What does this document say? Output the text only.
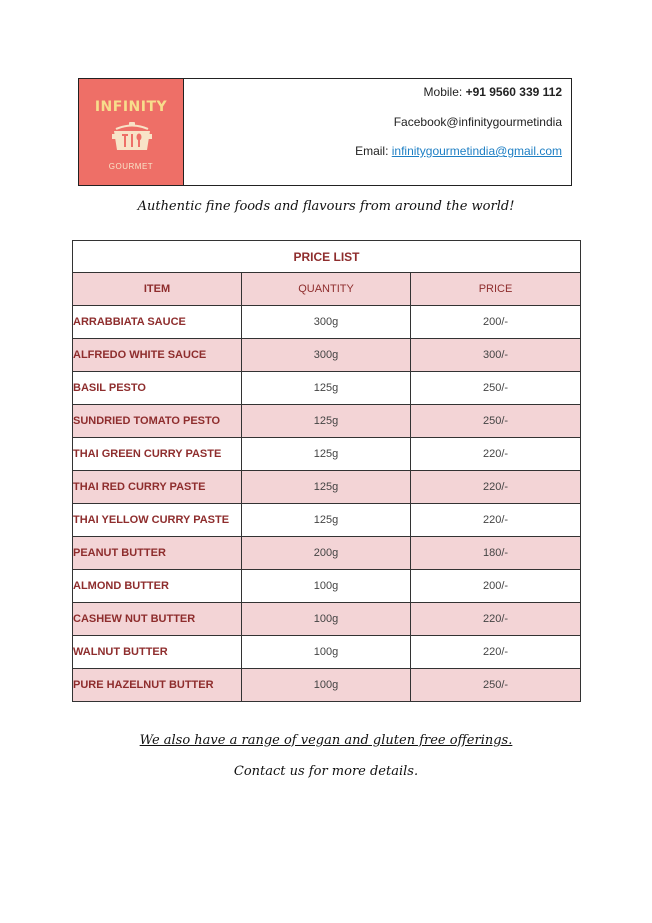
INFINITY
GOURMET
Mobile: +91 9560 339 112
Facebook@infinitygourmetindia
Email: infinitygourmetindia@gmail.com
Authentic fine foods and flavours from around the world!
PRICE LIST		
ITEM	QUANTITY	PRICE
ARRABBIATA SAUCE	300g	200/-
ALFREDO WHITE SAUCE	300g	300/-
BASIL PESTO	125g	250/-
SUNDRIED TOMATO PESTO	125g	250/-
THAI GREEN CURRY PASTE	125g	220/-
THAI RED CURRY PASTE	125g	220/-
THAI YELLOW CURRY PASTE	125g	220/-
PEANUT BUTTER	200g	180/-
ALMOND BUTTER	100g	200/-
CASHEW NUT BUTTER	100g	220/-
WALNUT BUTTER	100g	220/-
PURE HAZELNUT BUTTER	100g	250/-
We also have a range of vegan and gluten free offerings.
Contact us for more details.
